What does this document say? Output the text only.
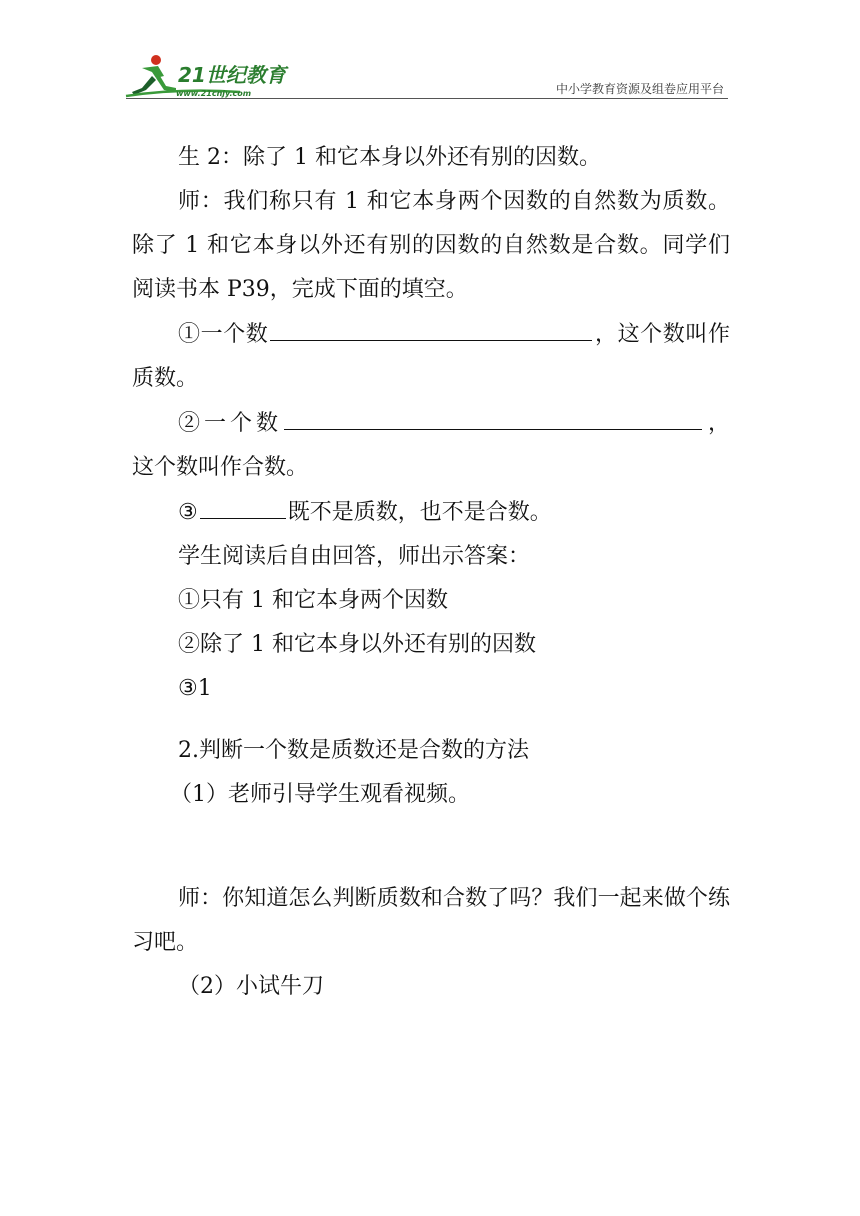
21世纪教育
www.21cnjy.com	中小学教育资源及组卷应用平台

生 2：除了 1 和它本身以外还有别的因数。

师：我们称只有 1 和它本身两个因数的自然数为质数。除了 1 和它本身以外还有别的因数的自然数是合数。同学们阅读书本 P39，完成下面的填空。

①一个数	，这个数叫作质数。

②一个数	，这个数叫作合数。

③	既不是质数，也不是合数。

学生阅读后自由回答，师出示答案：

①只有 1 和它本身两个因数

②除了 1 和它本身以外还有别的因数

③1

2.判断一个数是质数还是合数的方法

（1）老师引导学生观看视频。

师：你知道怎么判断质数和合数了吗？我们一起来做个练习吧。

（2）小试牛刀
